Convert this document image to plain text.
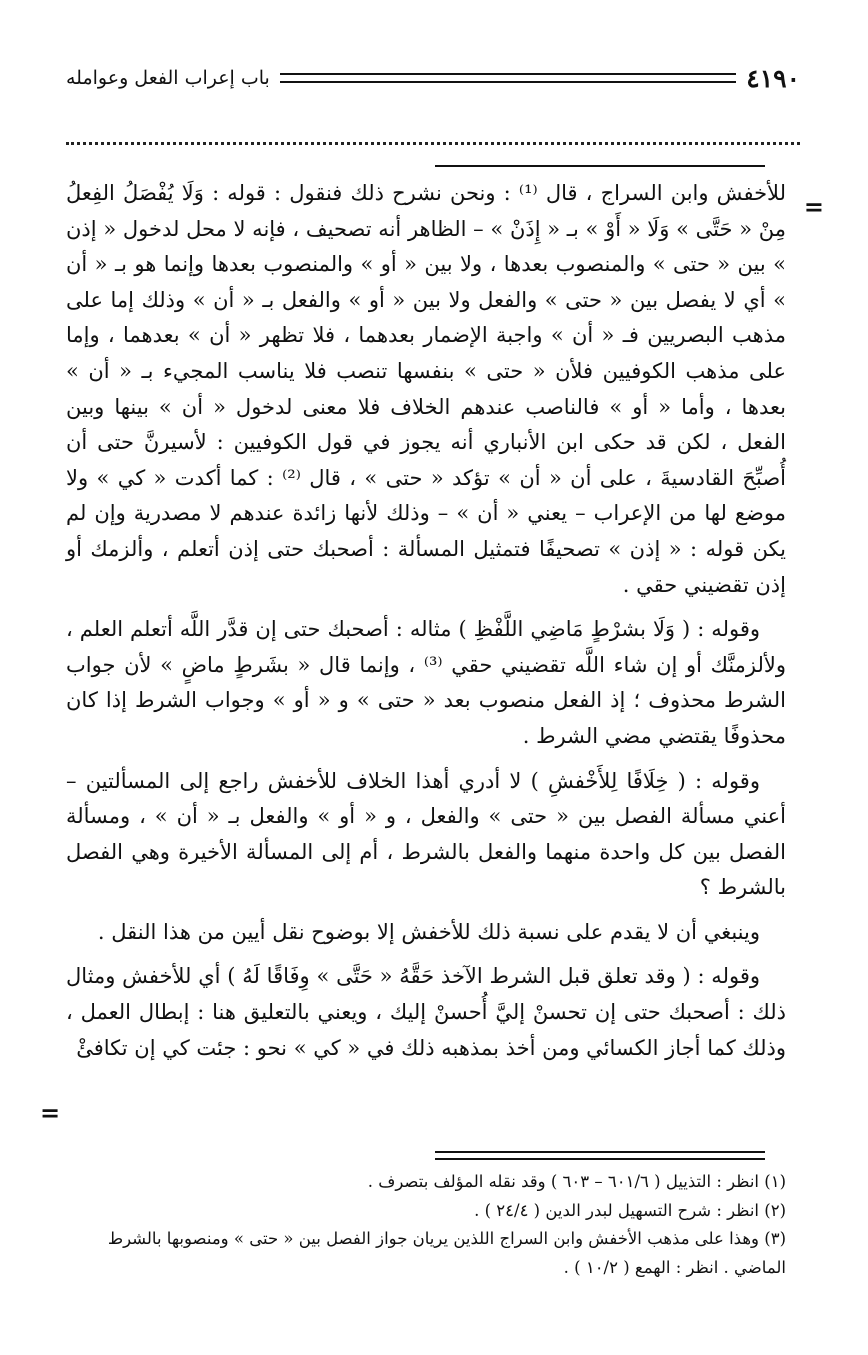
٤١٩٠
باب إعراب الفعل وعوامله
=

للأخفش وابن السراج ، قال ⁽¹⁾ : ونحن نشرح ذلك فنقول : قوله : وَلَا يُفْصَلُ الفِعلُ مِنْ « حَتَّى » وَلَا « أَوْ » بـ « إِذَنْ » – الظاهر أنه تصحيف ، فإنه لا محل لدخول « إذن » بين « حتى » والمنصوب بعدها ، ولا بين « أو » والمنصوب بعدها وإنما هو بـ « أن » أي لا يفصل بين « حتى » والفعل ولا بين « أو » والفعل بـ « أن » وذلك إما على مذهب البصريين فـ « أن » واجبة الإضمار بعدهما ، فلا تظهر « أن » بعدهما ، وإما على مذهب الكوفيين فلأن « حتى » بنفسها تنصب فلا يناسب المجيء بـ « أن » بعدها ، وأما « أو » فالناصب عندهم الخلاف فلا معنى لدخول « أن » بينها وبين الفعل ، لكن قد حكى ابن الأنباري أنه يجوز في قول الكوفيين : لأسيرنَّ حتى أن أُصبِّحَ القادسيةَ ، على أن « أن » تؤكد « حتى » ، قال ⁽²⁾ : كما أكدت « كي » ولا موضع لها من الإعراب – يعني « أن » – وذلك لأنها زائدة عندهم لا مصدرية وإن لم يكن قوله : « إذن » تصحيفًا فتمثيل المسألة : أصحبك حتى إذن أتعلم ، وألزمك أو إذن تقضيني حقي .

وقوله : ( وَلَا بشرْطٍ مَاضِي اللَّفْظِ ) مثاله : أصحبك حتى إن قدَّر اللَّه أتعلم العلم ، ولألزمنَّك أو إن شاء اللَّه تقضيني حقي ⁽³⁾ ، وإنما قال « بشَرطٍ ماضٍ » لأن جواب الشرط محذوف ؛ إذ الفعل منصوب بعد « حتى » و « أو » وجواب الشرط إذا كان محذوفًا يقتضي مضي الشرط .

وقوله : ( خِلَافًا لِلأَخْفشِ ) لا أدري أهذا الخلاف للأخفش راجع إلى المسألتين – أعني مسألة الفصل بين « حتى » والفعل ، و « أو » والفعل بـ « أن » ، ومسألة الفصل بين كل واحدة منهما والفعل بالشرط ، أم إلى المسألة الأخيرة وهي الفصل بالشرط ؟

وينبغي أن لا يقدم على نسبة ذلك للأخفش إلا بوضوح نقل أيين من هذا النقل .

وقوله : ( وقد تعلق قبل الشرط الآخذ حَقَّهُ « حَتَّى » وِفَاقًا لَهُ ) أي للأخفش ومثال ذلك : أصحبك حتى إن تحسنْ إليَّ أُحسنْ إليك ، ويعني بالتعليق هنا : إبطال العمل ، وذلك كما أجاز الكسائي ومن أخذ بمذهبه ذلك في « كي » نحو : جئت كي إن تكافئْ

=

(١) انظر : التذييل ( ٦٠١/٦ – ٦٠٣ ) وقد نقله المؤلف بتصرف .

(٢) انظر : شرح التسهيل لبدر الدين ( ٢٤/٤ ) .

(٣) وهذا على مذهب الأخفش وابن السراج اللذين يريان جواز الفصل بين « حتى » ومنصوبها بالشرط الماضي . انظر : الهمع ( ١٠/٢ ) .
